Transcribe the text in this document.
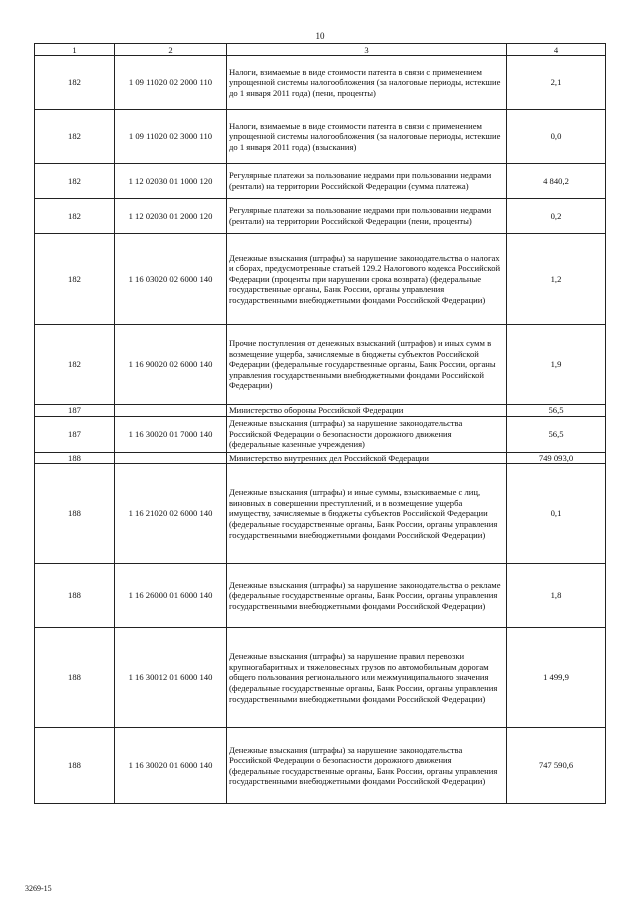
10
1	2	3	4
182	1 09 11020 02 2000 110	Налоги, взимаемые в виде стоимости патента в связи с применением упрощенной системы налогообложения (за налоговые периоды, истекшие до 1 января 2011 года) (пени, проценты)	2,1
182	1 09 11020 02 3000 110	Налоги, взимаемые в виде стоимости патента в связи с применением упрощенной системы налогообложения (за налоговые периоды, истекшие до 1 января 2011 года) (взыскания)	0,0
182	1 12 02030 01 1000 120	Регулярные платежи за пользование недрами при пользовании недрами (рентали) на территории Российской Федерации (сумма платежа)	4 840,2
182	1 12 02030 01 2000 120	Регулярные платежи за пользование недрами при пользовании недрами (рентали) на территории Российской Федерации (пени, проценты)	0,2
182	1 16 03020 02 6000 140	Денежные взыскания (штрафы) за нарушение законодательства о налогах и сборах, предусмотренные статьей 129.2 Налогового кодекса Российской Федерации (проценты при нарушении срока возврата) (федеральные государственные органы, Банк России, органы управления государственными внебюджетными фондами Российской Федерации)	1,2
182	1 16 90020 02 6000 140	Прочие поступления от денежных взысканий (штрафов) и иных сумм в возмещение ущерба, зачисляемые в бюджеты субъектов Российской Федерации (федеральные государственные органы, Банк России, органы управления государственными внебюджетными фондами Российской Федерации)	1,9
187		Министерство обороны Российской Федерации	56,5
187	1 16 30020 01 7000 140	Денежные взыскания (штрафы) за нарушение законодательства Российской Федерации о безопасности дорожного движения (федеральные казенные учреждения)	56,5
188		Министерство внутренних дел Российской Федерации	749 093,0
188	1 16 21020 02 6000 140	Денежные взыскания (штрафы) и иные суммы, взыскиваемые с лиц, виновных в совершении преступлений, и в возмещение ущерба имуществу, зачисляемые в бюджеты субъектов Российской Федерации (федеральные государственные органы, Банк России, органы управления государственными внебюджетными фондами Российской Федерации)	0,1
188	1 16 26000 01 6000 140	Денежные взыскания (штрафы) за нарушение законодательства о рекламе (федеральные государственные органы, Банк России, органы управления государственными внебюджетными фондами Российской Федерации)	1,8
188	1 16 30012 01 6000 140	Денежные взыскания (штрафы) за нарушение правил перевозки крупногабаритных и тяжеловесных грузов по автомобильным дорогам общего пользования регионального или межмуниципального значения (федеральные государственные органы, Банк России, органы управления государственными внебюджетными фондами Российской Федерации)	1 499,9
188	1 16 30020 01 6000 140	Денежные взыскания (штрафы) за нарушение законодательства Российской Федерации о безопасности дорожного движения (федеральные государственные органы, Банк России, органы управления государственными внебюджетными фондами Российской Федерации)	747 590,6
3269-15
